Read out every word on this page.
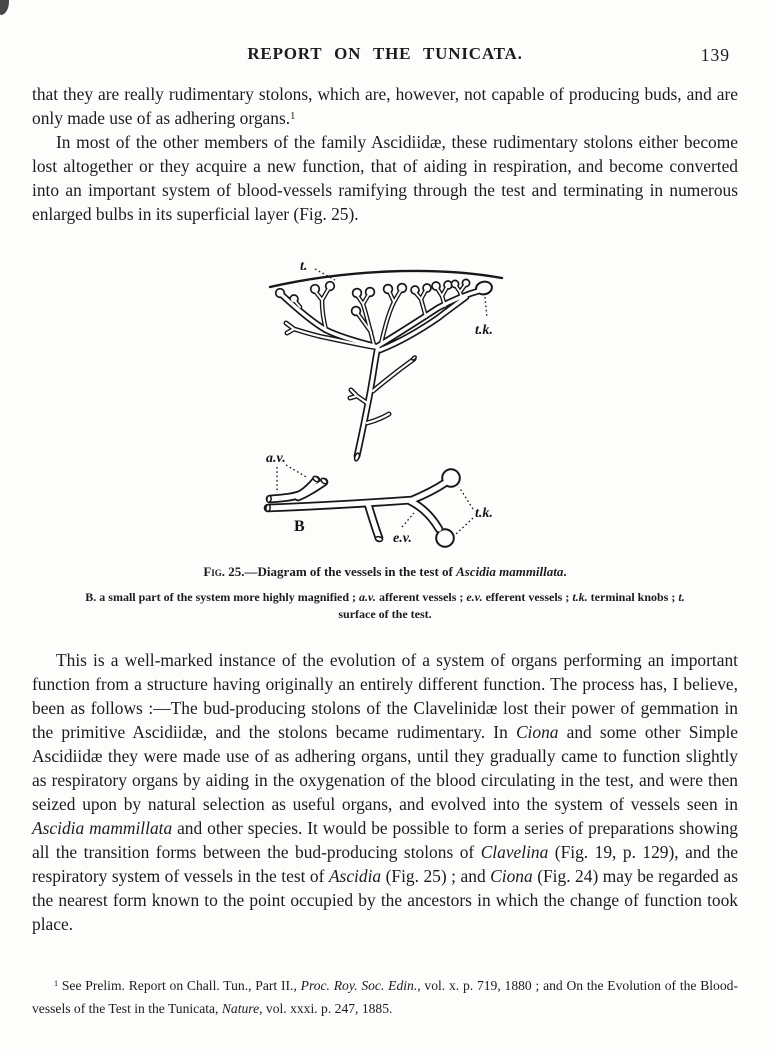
REPORT ON THE TUNICATA.	139

that they are really rudimentary stolons, which are, however, not capable of producing buds, and are only made use of as adhering organs.$^1$

In most of the other members of the family Ascidiidæ, these rudimentary stolons either become lost altogether or they acquire a new function, that of aiding in respiration, and become converted into an important system of blood-vessels ramifying through the test and terminating in numerous enlarged bulbs in its superficial layer (Fig. 25).

t.
t.k.
a.v.
B
e.v.
t.k.
Fig. 25.—Diagram of the vessels in the test of Ascidia mammillata.
B. a small part of the system more highly magnified ; a.v. afferent vessels ; e.v. efferent vessels ; t.k. terminal knobs ; t. surface of the test.

This is a well-marked instance of the evolution of a system of organs performing an important function from a structure having originally an entirely different function. The process has, I believe, been as follows :—The bud-producing stolons of the Clavelinidæ lost their power of gemmation in the primitive Ascidiidæ, and the stolons became rudimentary. In Ciona and some other Simple Ascidiidæ they were made use of as adhering organs, until they gradually came to function slightly as respiratory organs by aiding in the oxygenation of the blood circulating in the test, and were then seized upon by natural selection as useful organs, and evolved into the system of vessels seen in Ascidia mammillata and other species. It would be possible to form a series of preparations showing all the transition forms between the bud-producing stolons of Clavelina (Fig. 19, p. 129), and the respiratory system of vessels in the test of Ascidia (Fig. 25) ; and Ciona (Fig. 24) may be regarded as the nearest form known to the point occupied by the ancestors in which the change of function took place.

$^1$ See Prelim. Report on Chall. Tun., Part II., Proc. Roy. Soc. Edin., vol. x. p. 719, 1880 ; and On the Evolution of the Blood-vessels of the Test in the Tunicata, Nature, vol. xxxi. p. 247, 1885.
